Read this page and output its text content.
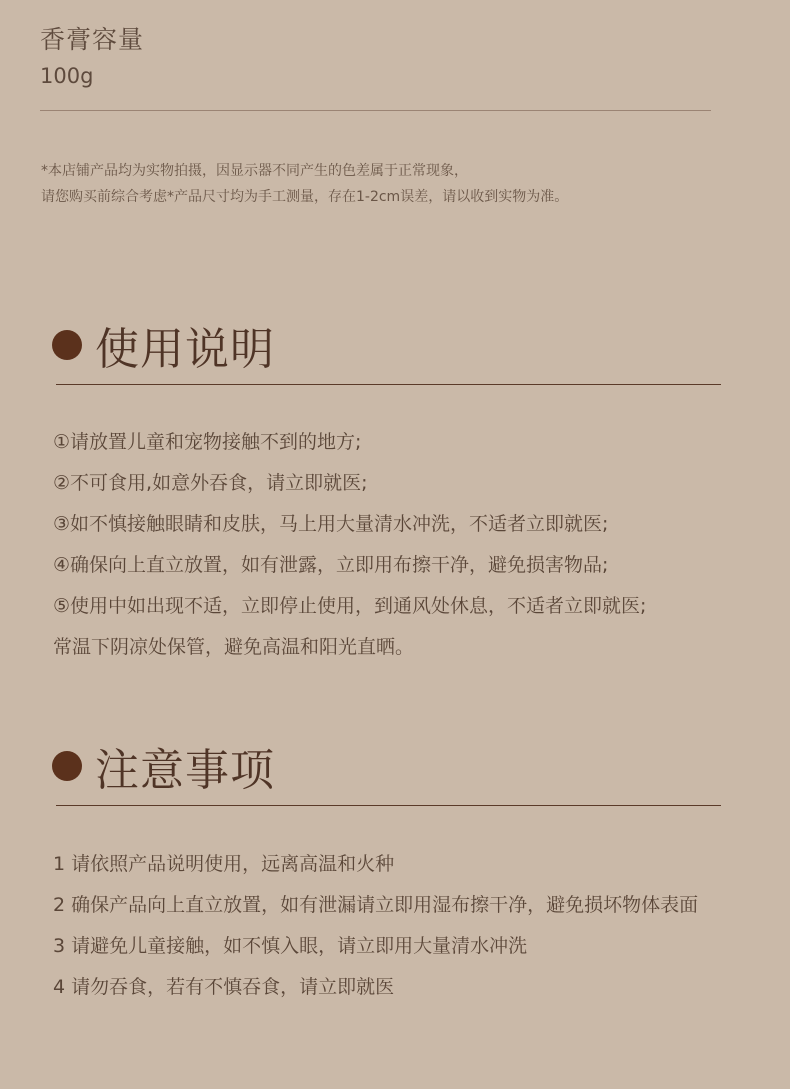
香膏容量
100g
*本店铺产品均为实物拍摄，因显示器不同产生的色差属于正常现象，
请您购买前综合考虑*产品尺寸均为手工测量，存在1-2cm误差，请以收到实物为准。
使用说明
①请放置儿童和宠物接触不到的地方;
②不可食用,如意外吞食，请立即就医;
③如不慎接触眼睛和皮肤，马上用大量清水冲洗，不适者立即就医;
④确保向上直立放置，如有泄露，立即用布擦干净，避免损害物品;
⑤使用中如出现不适，立即停止使用，到通风处休息，不适者立即就医;
常温下阴凉处保管，避免高温和阳光直晒。
注意事项
1 请依照产品说明使用，远离高温和火种
2 确保产品向上直立放置，如有泄漏请立即用湿布擦干净，避免损坏物体表面
3 请避免儿童接触，如不慎入眼，请立即用大量清水冲洗
4 请勿吞食，若有不慎吞食，请立即就医
